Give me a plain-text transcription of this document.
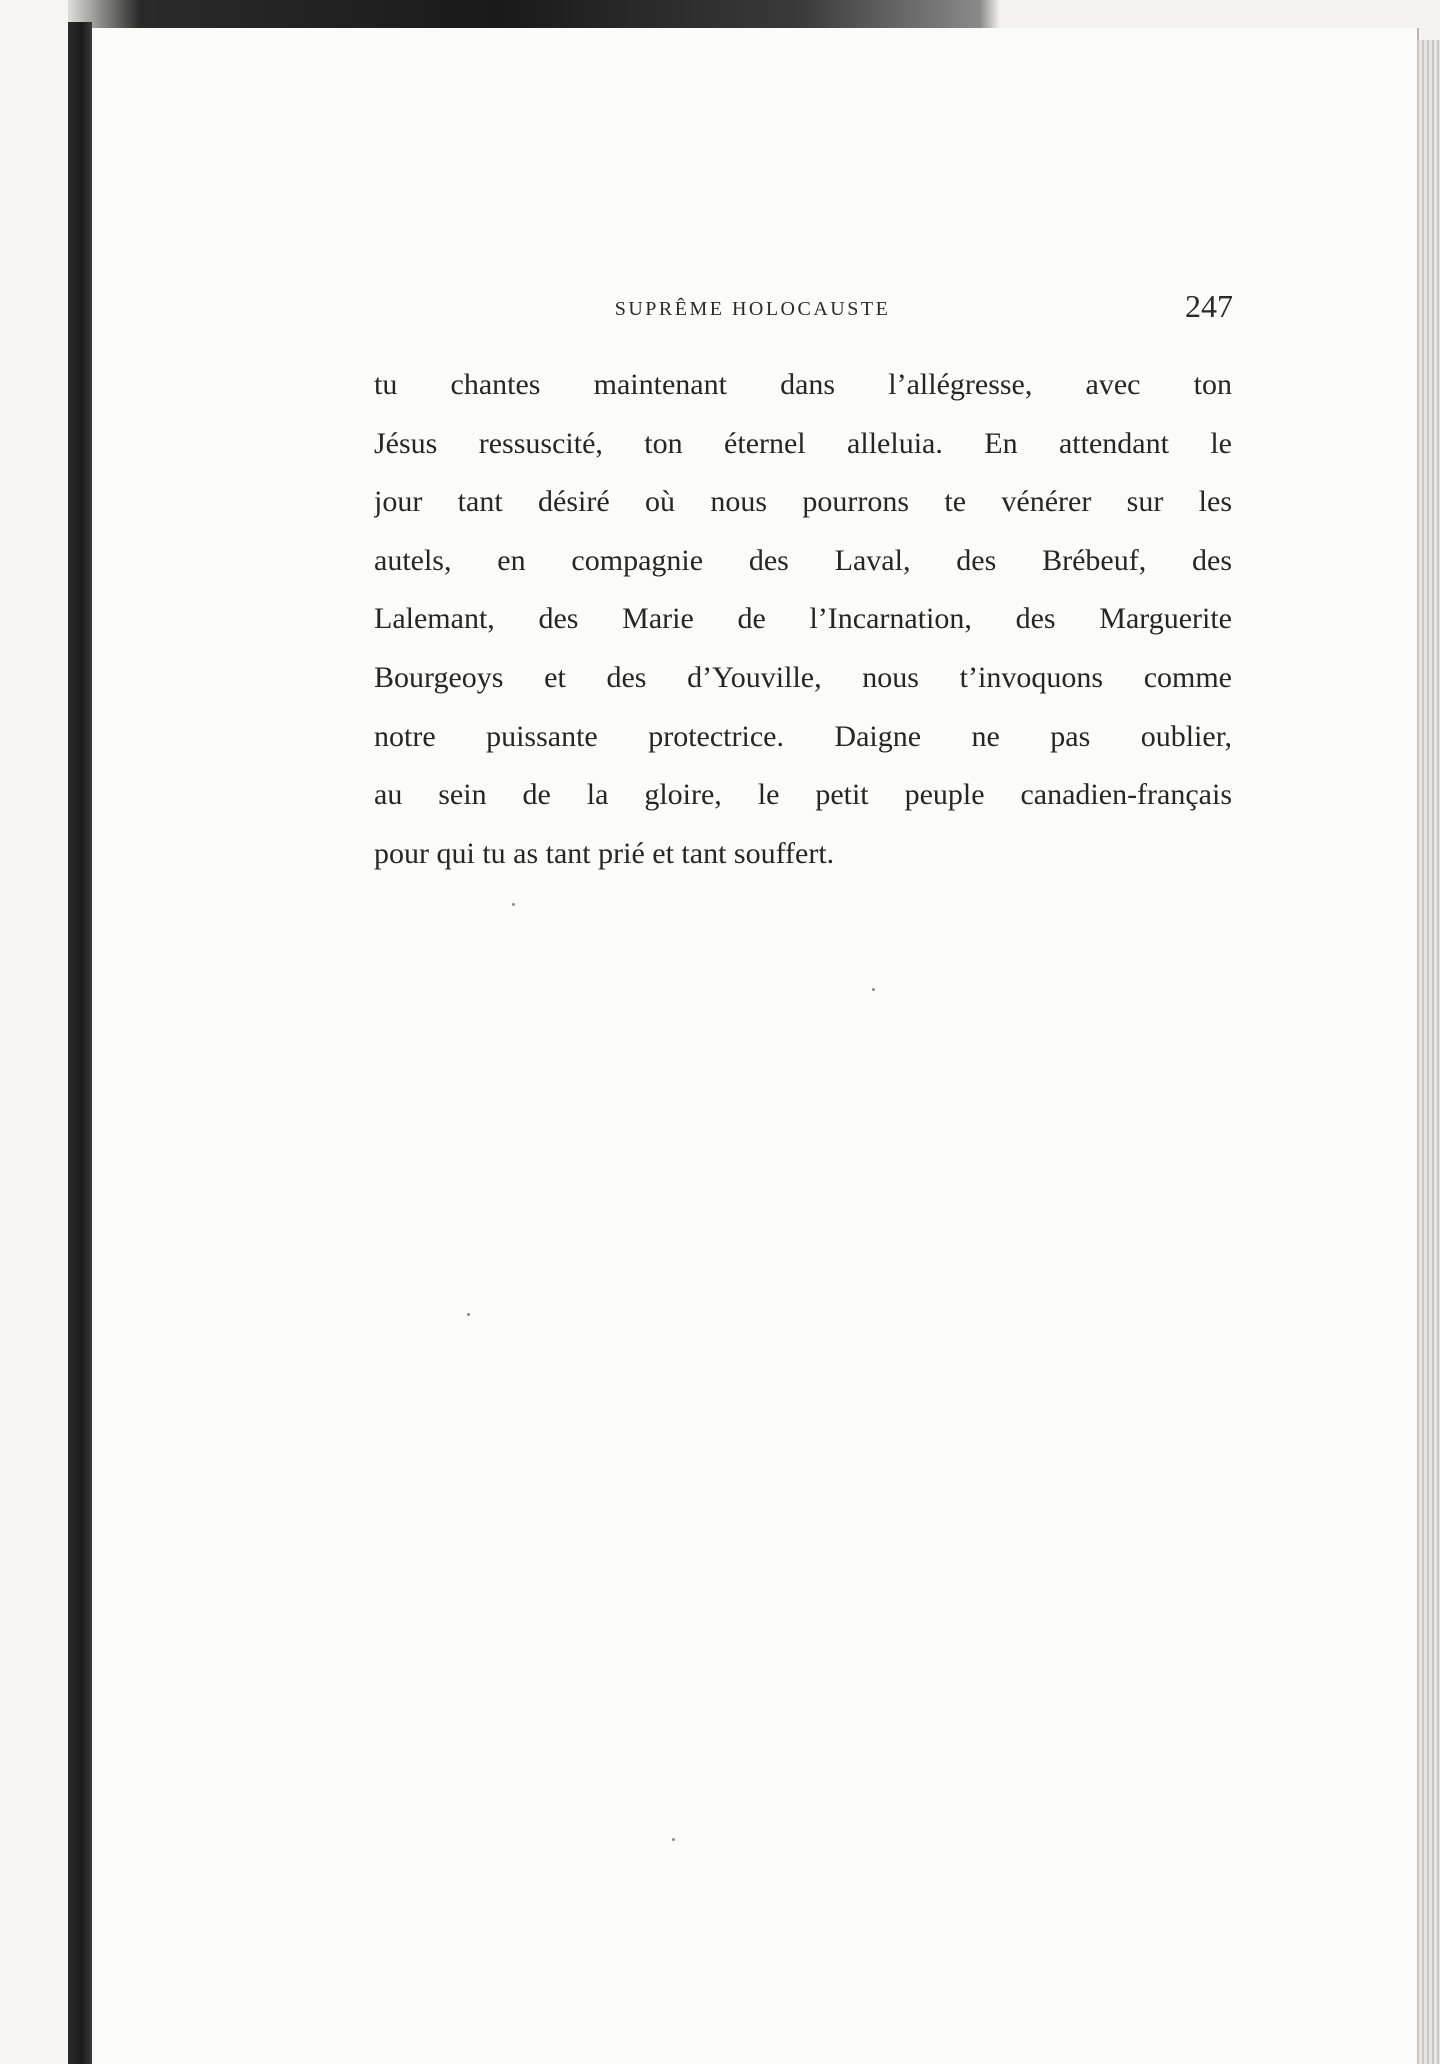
SUPRÊME HOLOCAUSTE	247
tu chantes maintenant dans l’allégresse, avec ton
Jésus ressuscité, ton éternel alleluia. En attendant le
jour tant désiré où nous pourrons te vénérer sur les
autels, en compagnie des Laval, des Brébeuf, des
Lalemant, des Marie de l’Incarnation, des Marguerite
Bourgeoys et des d’Youville, nous t’invoquons comme
notre puissante protectrice. Daigne ne pas oublier,
au sein de la gloire, le petit peuple canadien-français
pour qui tu as tant prié et tant souffert.
